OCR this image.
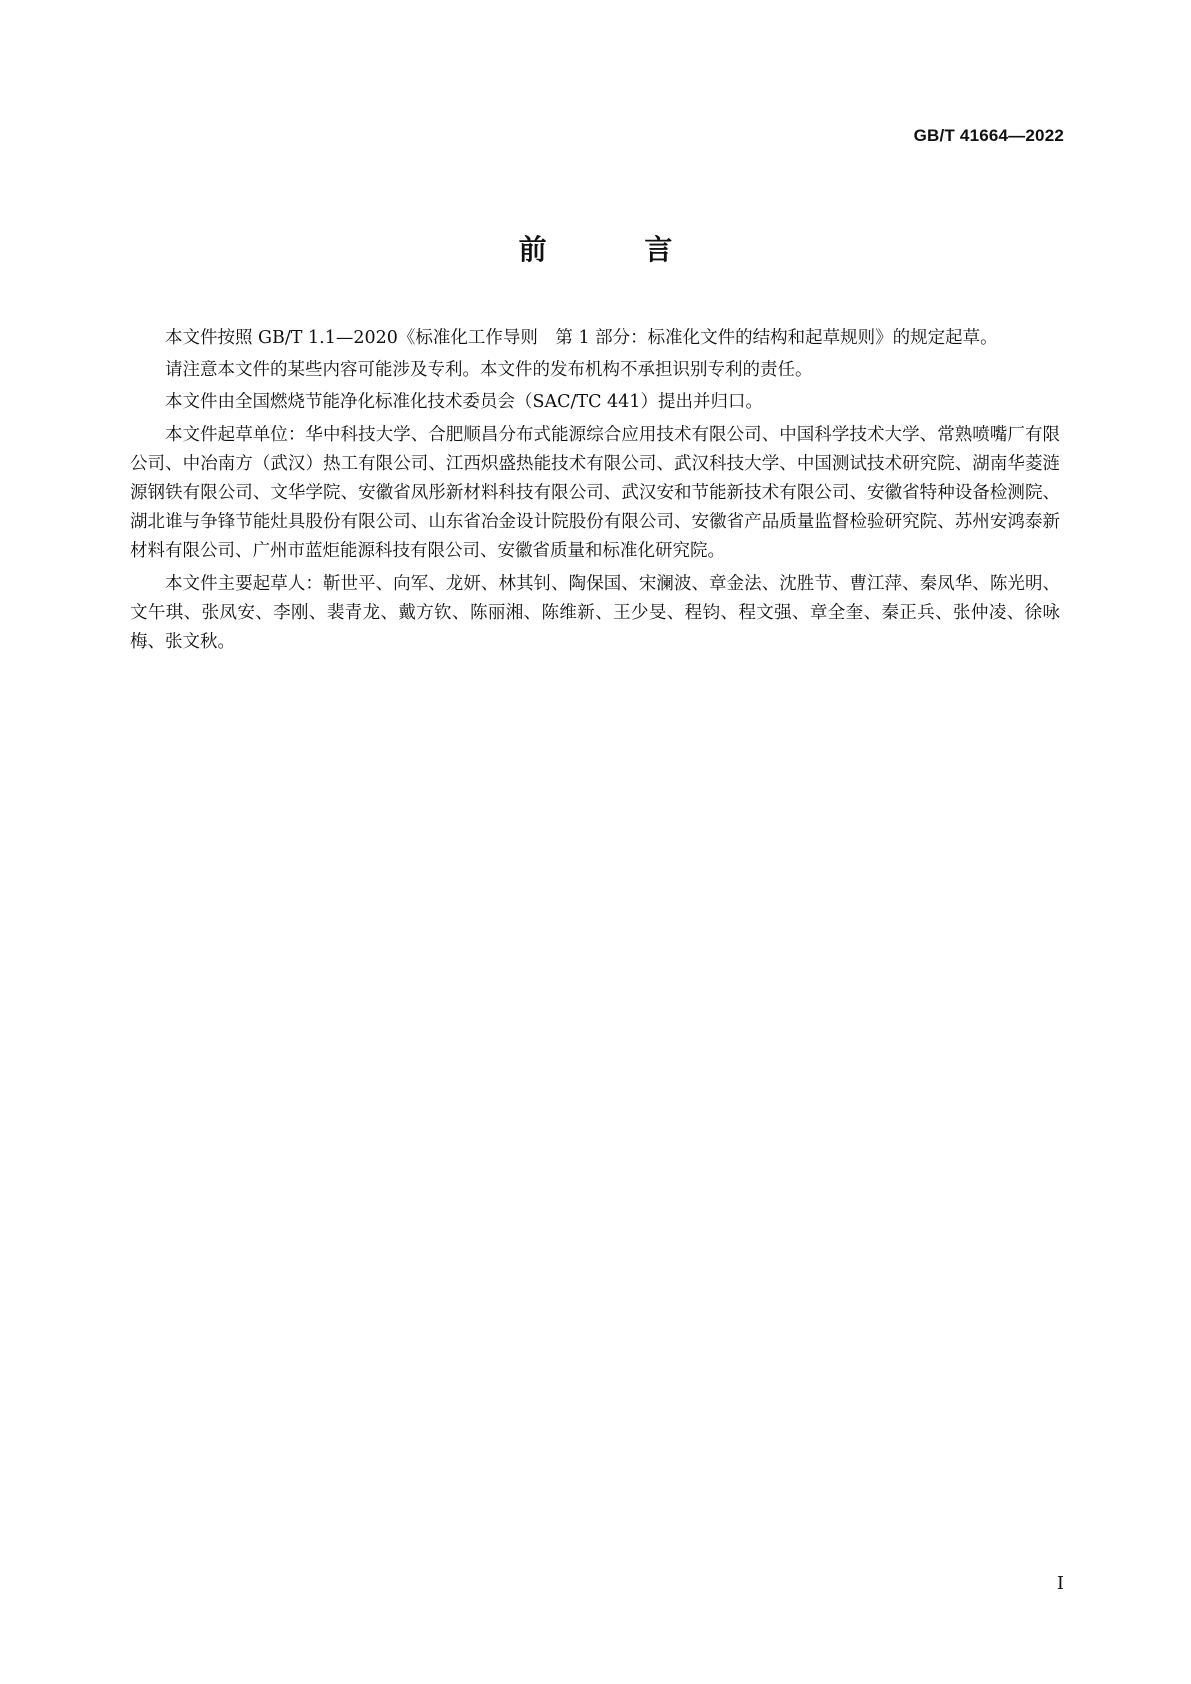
GB/T 41664—2022
前 言

本文件按照 GB/T 1.1—2020《标准化工作导则　第 1 部分：标准化文件的结构和起草规则》的规定起草。

请注意本文件的某些内容可能涉及专利。本文件的发布机构不承担识别专利的责任。

本文件由全国燃烧节能净化标准化技术委员会（SAC/TC 441）提出并归口。

本文件起草单位：华中科技大学、合肥顺昌分布式能源综合应用技术有限公司、中国科学技术大学、常熟喷嘴厂有限公司、中冶南方（武汉）热工有限公司、江西炽盛热能技术有限公司、武汉科技大学、中国测试技术研究院、湖南华菱涟源钢铁有限公司、文华学院、安徽省凤彤新材料科技有限公司、武汉安和节能新技术有限公司、安徽省特种设备检测院、湖北谁与争锋节能灶具股份有限公司、山东省冶金设计院股份有限公司、安徽省产品质量监督检验研究院、苏州安鸿泰新材料有限公司、广州市蓝炬能源科技有限公司、安徽省质量和标准化研究院。

本文件主要起草人：靳世平、向军、龙妍、林其钊、陶保国、宋澜波、章金法、沈胜节、曹江萍、秦凤华、陈光明、文午琪、张凤安、李刚、裴青龙、戴方钦、陈丽湘、陈维新、王少旻、程钧、程文强、章全奎、秦正兵、张仲凌、徐咏梅、张文秋。

I
